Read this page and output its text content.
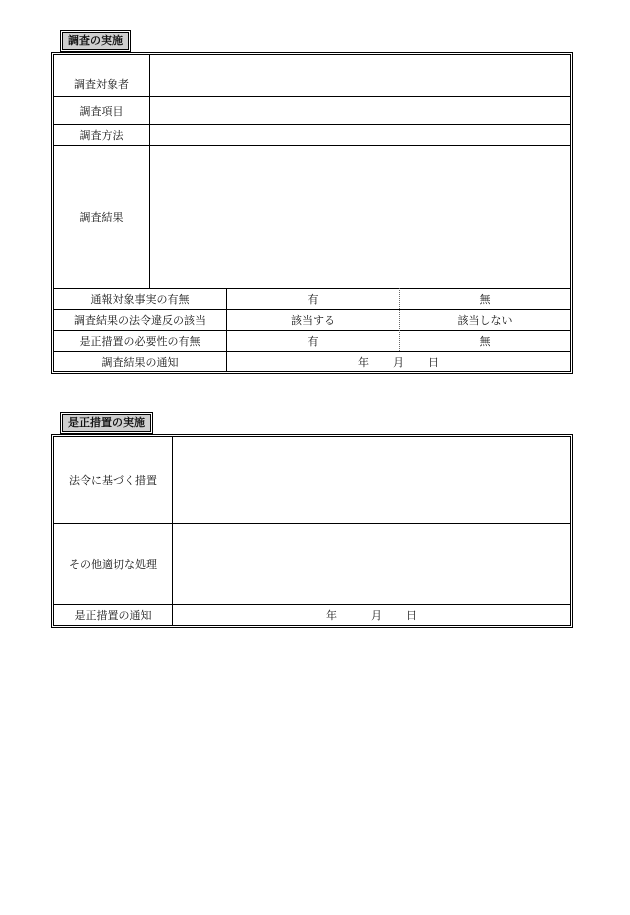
調査の実施
調査対象者
調査項目
調査方法
調査結果
通報対象事実の有無	有	無
調査結果の法令違反の該当	該当する	該当しない
是正措置の必要性の有無	有	無
調査結果の通知	年 月 日
是正措置の実施
法令に基づく措置
その他適切な処理
是正措置の通知	年	月 日
